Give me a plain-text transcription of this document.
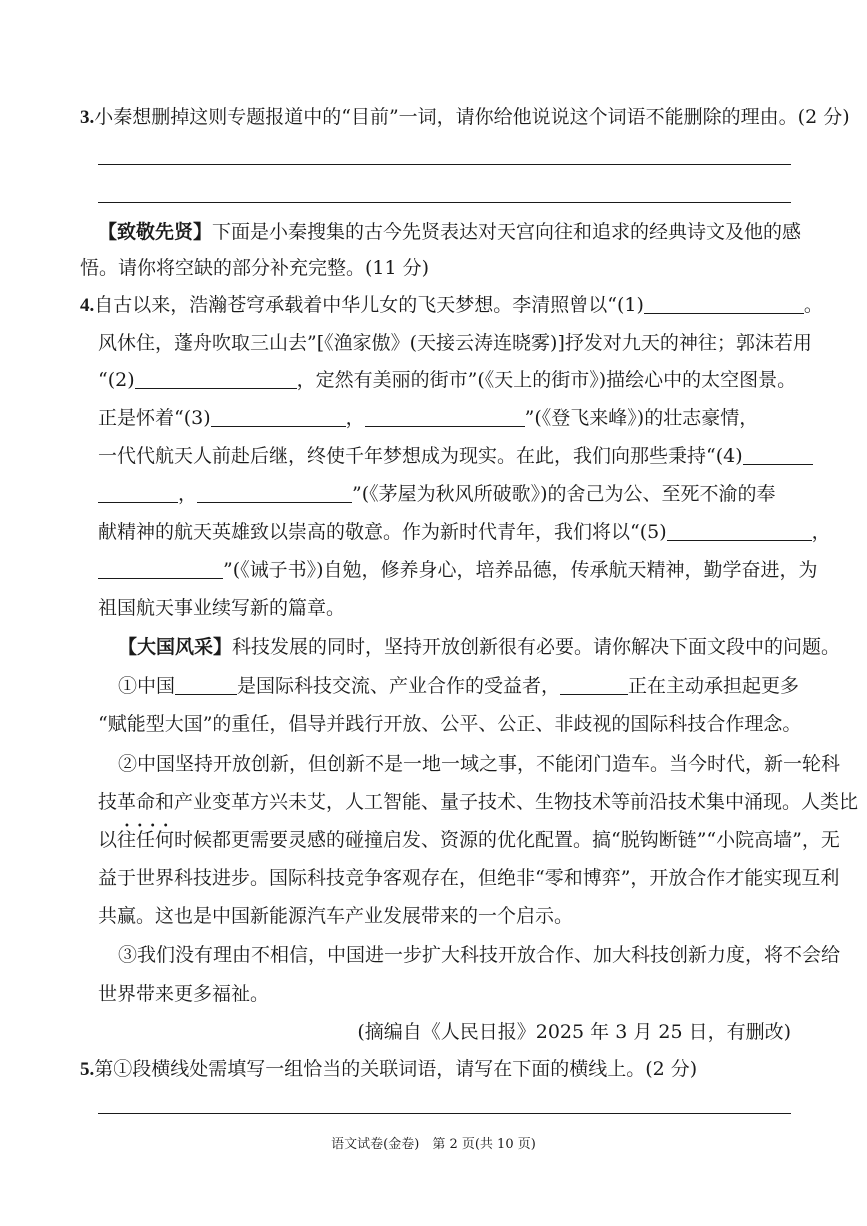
3.小秦想删掉这则专题报道中的“目前”一词，请你给他说说这个词语不能删除的理由。(2 分)
【致敬先贤】下面是小秦搜集的古今先贤表达对天宫向往和追求的经典诗文及他的感
悟。请你将空缺的部分补充完整。(11 分)
4.自古以来，浩瀚苍穹承载着中华儿女的飞天梦想。李清照曾以“(1)	。
风休住，蓬舟吹取三山去”[《渔家傲》(天接云涛连晓雾)]抒发对九天的神往；郭沫若用
“(2)	，定然有美丽的街市”(《天上的街市》)描绘心中的太空图景。
正是怀着“(3)	，	”(《登飞来峰》)的壮志豪情，
一代代航天人前赴后继，终使千年梦想成为现实。在此，我们向那些秉持“(4)
，	”(《茅屋为秋风所破歌》)的舍己为公、至死不渝的奉
献精神的航天英雄致以崇高的敬意。作为新时代青年，我们将以“(5)	，
”(《诫子书》)自勉，修养身心，培养品德，传承航天精神，勤学奋进，为
祖国航天事业续写新的篇章。
【大国风采】科技发展的同时，坚持开放创新很有必要。请你解决下面文段中的问题。
①中国	是国际科技交流、产业合作的受益者，	正在主动承担起更多
“赋能型大国”的重任，倡导并践行开放、公平、公正、非歧视的国际科技合作理念。
②中国坚持开放创新，但创新不是一地一域之事，不能闭门造车。当今时代，新一轮科
技革命和产业变革方兴未艾，人工智能、量子技术、生物技术等前沿技术集中涌现。人类比
以往任何时候都更需要灵感的碰撞启发、资源的优化配置。搞“脱钩断链”“小院高墙”，无
••••
益于世界科技进步。国际科技竞争客观存在，但绝非“零和博弈”，开放合作才能实现互利
共赢。这也是中国新能源汽车产业发展带来的一个启示。
③我们没有理由不相信，中国进一步扩大科技开放合作、加大科技创新力度，将不会给
世界带来更多福祉。
(摘编自《人民日报》2025 年 3 月 25 日，有删改)
5.第①段横线处需填写一组恰当的关联词语，请写在下面的横线上。(2 分)
语文试卷(金卷)　第 2 页(共 10 页)
